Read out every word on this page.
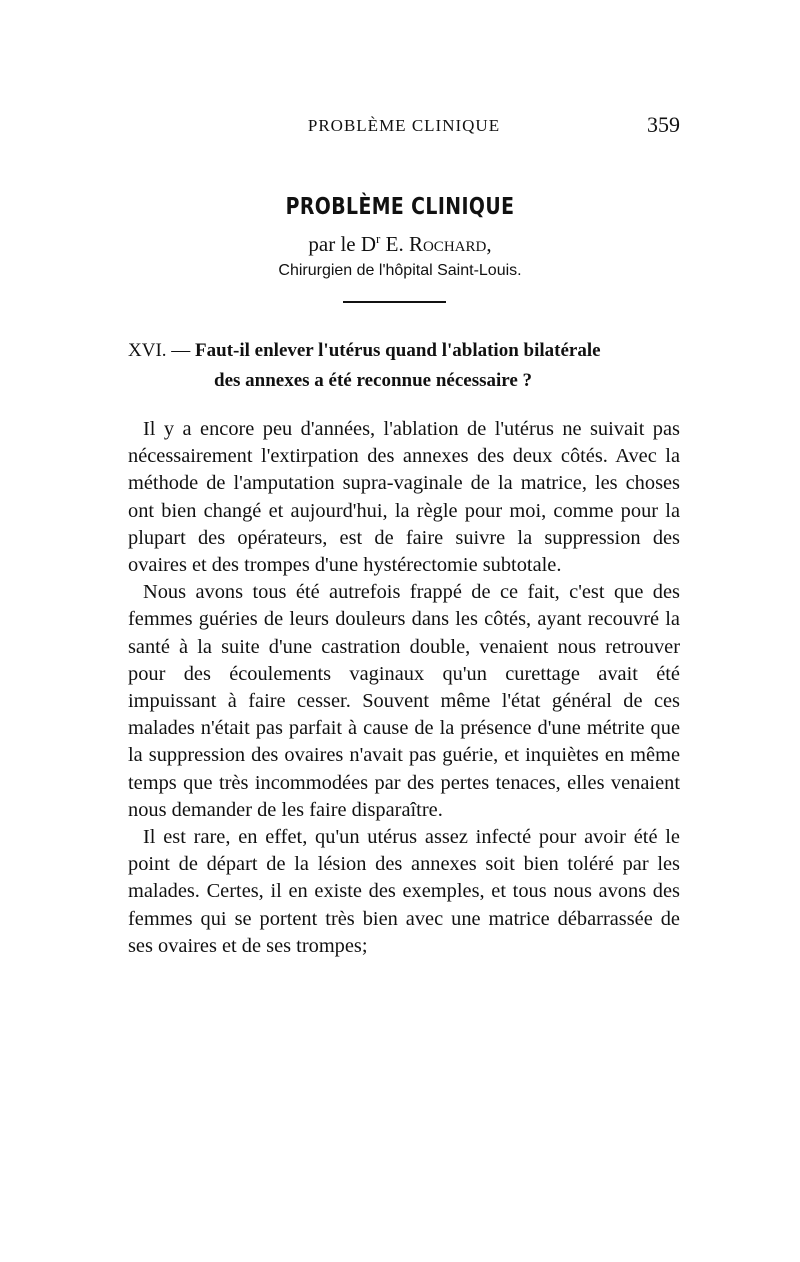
PROBLÈME CLINIQUE	359
PROBLÈME CLINIQUE
par le $D^r$ E. Rochard,
Chirurgien de l'hôpital Saint-Louis.
XVI. — Faut-il enlever l'utérus quand l'ablation bilatérale
des annexes a été reconnue nécessaire ?

Il y a encore peu d'années, l'ablation de l'utérus ne suivait pas nécessairement l'extirpation des annexes des deux côtés. Avec la méthode de l'amputation supra-vaginale de la matrice, les choses ont bien changé et aujourd'hui, la règle pour moi, comme pour la plupart des opérateurs, est de faire suivre la suppression des ovaires et des trompes d'une hystérectomie subtotale.

Nous avons tous été autrefois frappé de ce fait, c'est que des femmes guéries de leurs douleurs dans les côtés, ayant recouvré la santé à la suite d'une castration double, venaient nous retrouver pour des écoulements vaginaux qu'un curettage avait été impuissant à faire cesser. Souvent même l'état général de ces malades n'était pas parfait à cause de la présence d'une métrite que la suppression des ovaires n'avait pas guérie, et inquiètes en même temps que très incommodées par des pertes tenaces, elles venaient nous demander de les faire disparaître.

Il est rare, en effet, qu'un utérus assez infecté pour avoir été le point de départ de la lésion des annexes soit bien toléré par les malades. Certes, il en existe des exemples, et tous nous avons des femmes qui se portent très bien avec une matrice débarrassée de ses ovaires et de ses trompes;
